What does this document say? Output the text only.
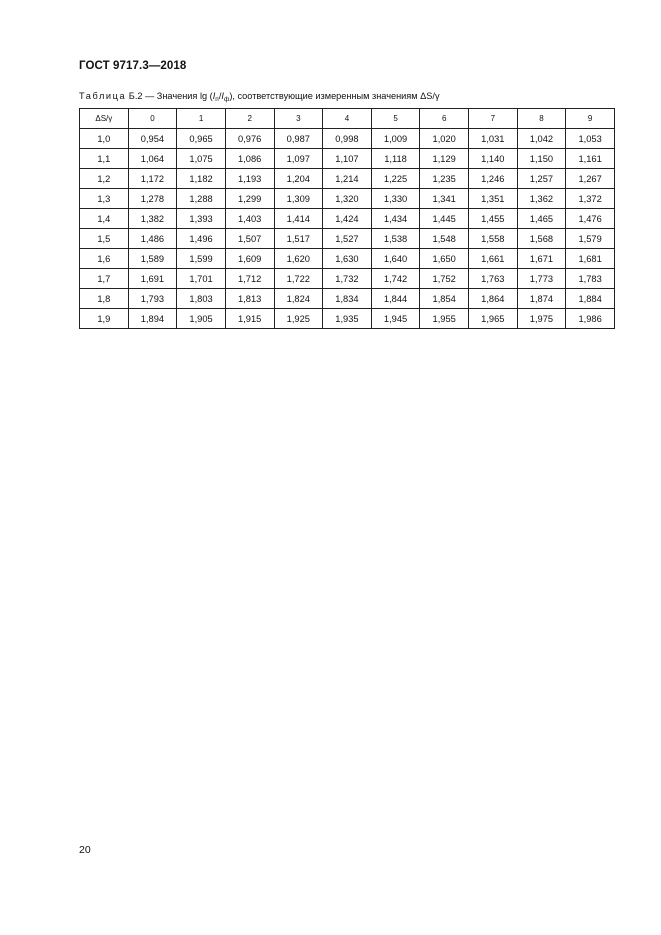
ГОСТ 9717.3—2018
Таблица Б.2 — Значения $\lg (I_п/I_ф)$, соответствующие измеренным значениям ΔS/γ
ΔS/γ	0	1	2	3	4	5	6	7	8	9
1,0	0,954	0,965	0,976	0,987	0,998	1,009	1,020	1,031	1,042	1,053
1,1	1,064	1,075	1,086	1,097	1,107	1,118	1,129	1,140	1,150	1,161
1,2	1,172	1,182	1,193	1,204	1,214	1,225	1,235	1,246	1,257	1,267
1,3	1,278	1,288	1,299	1,309	1,320	1,330	1,341	1,351	1,362	1,372
1,4	1,382	1,393	1,403	1,414	1,424	1,434	1,445	1,455	1,465	1,476
1,5	1,486	1,496	1,507	1,517	1,527	1,538	1,548	1,558	1,568	1,579
1,6	1,589	1,599	1,609	1,620	1,630	1,640	1,650	1,661	1,671	1,681
1,7	1,691	1,701	1,712	1,722	1,732	1,742	1,752	1,763	1,773	1,783
1,8	1,793	1,803	1,813	1,824	1,834	1,844	1,854	1,864	1,874	1,884
1,9	1,894	1,905	1,915	1,925	1,935	1,945	1,955	1,965	1,975	1,986
20
